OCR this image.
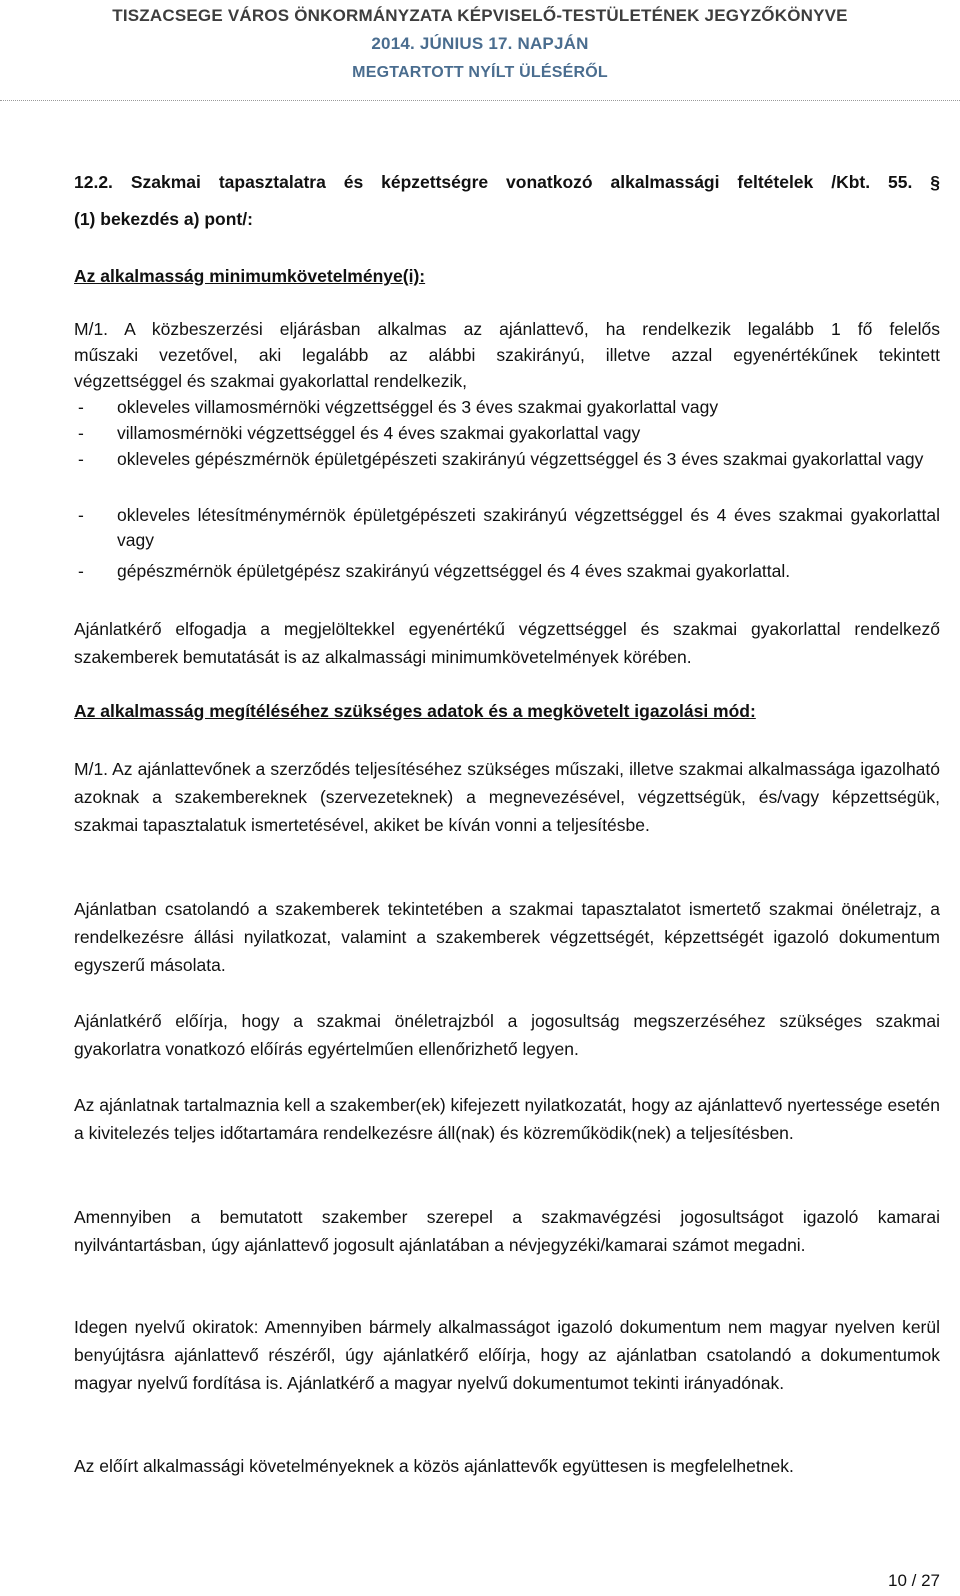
TISZACSEGE VÁROS ÖNKORMÁNYZATA KÉPVISELŐ-TESTÜLETÉNEK JEGYZŐKÖNYVE
2014. JÚNIUS 17. NAPJÁN
MEGTARTOTT NYÍLT ÜLÉSÉRŐL
12.2. Szakmai tapasztalatra és képzettségre vonatkozó alkalmassági feltételek /Kbt. 55. §
(1) bekezdés a) pont/:
Az alkalmasság minimumkövetelménye(i):
M/1. A közbeszerzési eljárásban alkalmas az ajánlattevő, ha rendelkezik legalább 1 fő felelős
műszaki vezetővel, aki legalább az alábbi szakirányú, illetve azzal egyenértékűnek tekintett
végzettséggel és szakmai gyakorlattal rendelkezik,
- okleveles villamosmérnöki végzettséggel és 3 éves szakmai gyakorlattal vagy
- villamosmérnöki végzettséggel és 4 éves szakmai gyakorlattal vagy
- okleveles gépészmérnök épületgépészeti szakirányú végzettséggel és 3 éves szakmai gyakorlattal vagy
- okleveles létesítménymérnök épületgépészeti szakirányú végzettséggel és 4 éves szakmai gyakorlattal vagy
- gépészmérnök épületgépész szakirányú végzettséggel és 4 éves szakmai gyakorlattal.
Ajánlatkérő elfogadja a megjelöltekkel egyenértékű végzettséggel és szakmai gyakorlattal rendelkező szakemberek bemutatását is az alkalmassági minimumkövetelmények körében.
Az alkalmasság megítéléséhez szükséges adatok és a megkövetelt igazolási mód:
M/1. Az ajánlattevőnek a szerződés teljesítéséhez szükséges műszaki, illetve szakmai alkalmassága igazolható azoknak a szakembereknek (szervezeteknek) a megnevezésével, végzettségük, és/vagy képzettségük, szakmai tapasztalatuk ismertetésével, akiket be kíván vonni a teljesítésbe.
Ajánlatban csatolandó a szakemberek tekintetében a szakmai tapasztalatot ismertető szakmai önéletrajz, a rendelkezésre állási nyilatkozat, valamint a szakemberek végzettségét, képzettségét igazoló dokumentum egyszerű másolata.
Ajánlatkérő előírja, hogy a szakmai önéletrajzból a jogosultság megszerzéséhez szükséges szakmai gyakorlatra vonatkozó előírás egyértelműen ellenőrizhető legyen.
Az ajánlatnak tartalmaznia kell a szakember(ek) kifejezett nyilatkozatát, hogy az ajánlattevő nyertessége esetén a kivitelezés teljes időtartamára rendelkezésre áll(nak) és közreműködik(nek) a teljesítésben.
Amennyiben a bemutatott szakember szerepel a szakmavégzési jogosultságot igazoló kamarai nyilvántartásban, úgy ajánlattevő jogosult ajánlatában a névjegyzéki/kamarai számot megadni.
Idegen nyelvű okiratok: Amennyiben bármely alkalmasságot igazoló dokumentum nem magyar nyelven kerül benyújtásra ajánlattevő részéről, úgy ajánlatkérő előírja, hogy az ajánlatban csatolandó a dokumentumok magyar nyelvű fordítása is. Ajánlatkérő a magyar nyelvű dokumentumot tekinti irányadónak.
Az előírt alkalmassági követelményeknek a közös ajánlattevők együttesen is megfelelhetnek.
10 / 27
